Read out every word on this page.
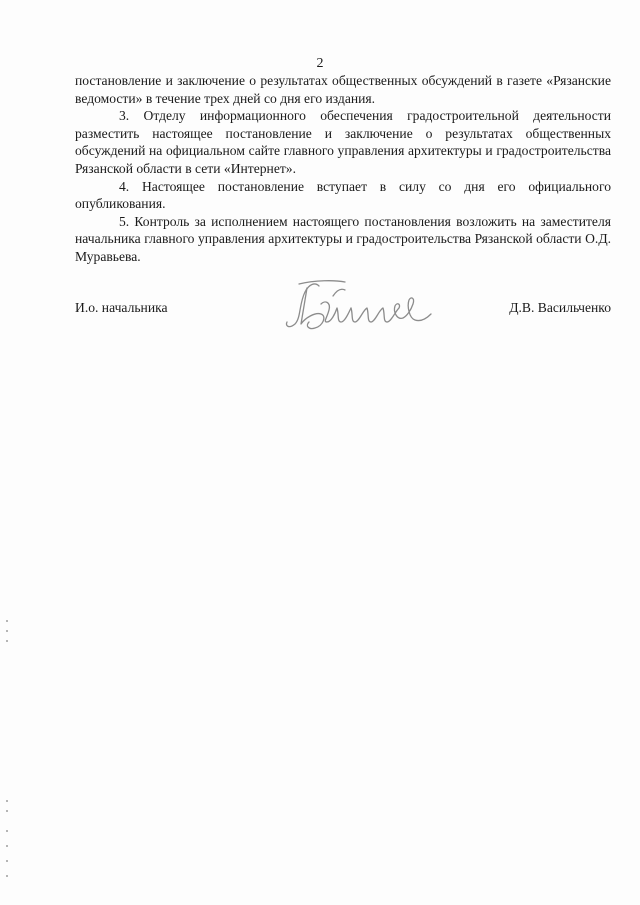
2

постановление и заключение о результатах общественных обсуждений в газете «Рязанские ведомости» в течение трех дней со дня его издания.

3. Отделу информационного обеспечения градостроительной деятельности разместить настоящее постановление и заключение о результатах общественных обсуждений на официальном сайте главного управления архитектуры и градостроительства Рязанской области в сети «Интернет».

4. Настоящее постановление вступает в силу со дня его официального опубликования.

5. Контроль за исполнением настоящего постановления возложить на заместителя начальника главного управления архитектуры и градостроительства Рязанской области О.Д. Муравьева.

И.о. начальника	Д.В. Васильченко
